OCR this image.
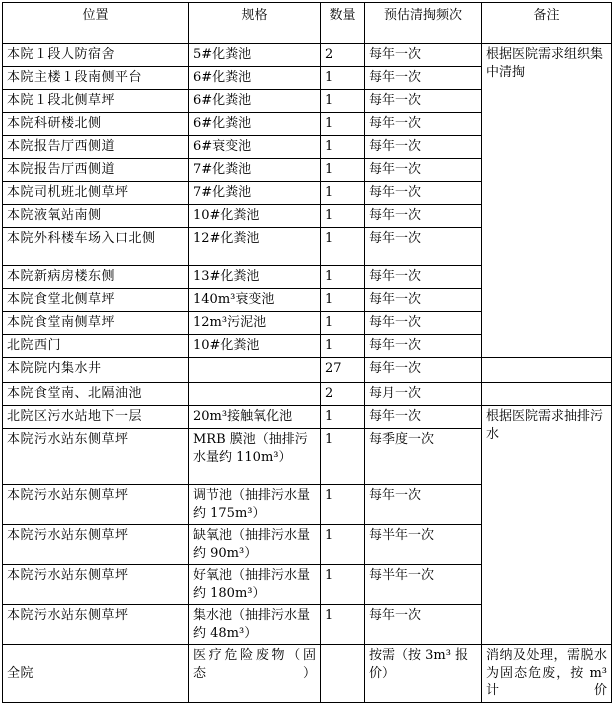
位置	规格	数量	预估清掏频次	备注
本院１段人防宿舍	5#化粪池	2	每年一次	根据医院需求组织集中清掏
本院主楼１段南侧平台	6#化粪池	1	每年一次	
本院１段北侧草坪	6#化粪池	1	每年一次	
本院科研楼北侧	6#化粪池	1	每年一次	
本院报告厅西侧道	6#衰变池	1	每年一次	
本院报告厅西侧道	7#化粪池	1	每年一次	
本院司机班北侧草坪	7#化粪池	1	每年一次	
本院液氧站南侧	10#化粪池	1	每年一次	
本院外科楼车场入口北侧	12#化粪池	1	每年一次	
本院新病房楼东侧	13#化粪池	1	每年一次	
本院食堂北侧草坪	140m³衰变池	1	每年一次	
本院食堂南侧草坪	12m³污泥池	1	每年一次	
北院西门	10#化粪池	1	每年一次	
本院院内集水井		27	每年一次	
本院食堂南、北隔油池		2	每月一次	
北院区污水站地下一层	20m³接触氧化池	1	每年一次	根据医院需求抽排污水
本院污水站东侧草坪	MRB 膜池（抽排污水量约 110m³）	1	每季度一次	
本院污水站东侧草坪	调节池（抽排污水量约 175m³）	1	每年一次	
本院污水站东侧草坪	缺氧池（抽排污水量约 90m³）	1	每半年一次	
本院污水站东侧草坪	好氧池（抽排污水量约 180m³）	1	每半年一次	
本院污水站东侧草坪	集水池（抽排污水量约 48m³）	1	每年一次	
全院	医疗危险废物（固态）		按需（按 3m³ 报价）	消纳及处理，需脱水为固态危废，按 m³ 计价
